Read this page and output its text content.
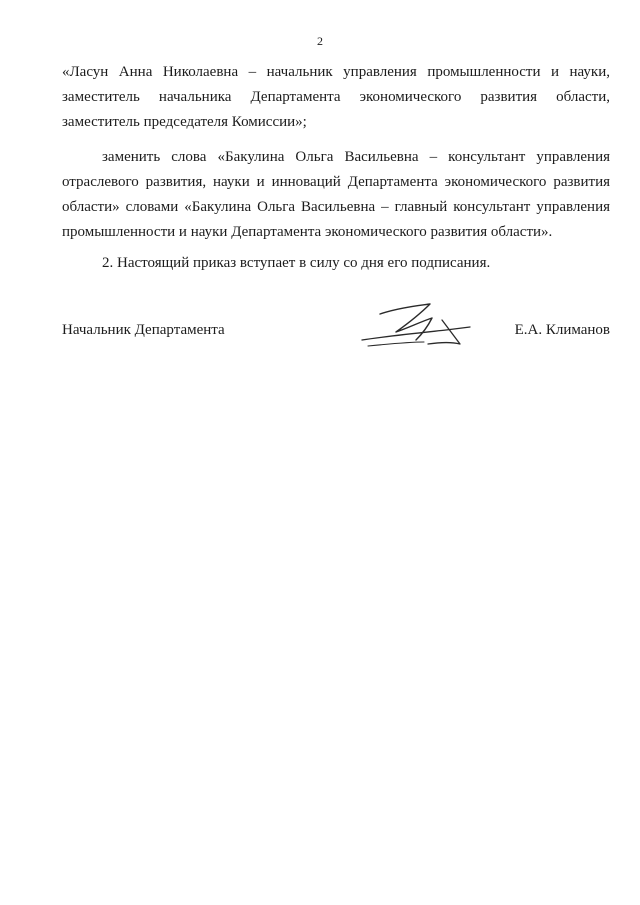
2

«Ласун Анна Николаевна – начальник управления промышленности и науки, заместитель начальника Департамента экономического развития области, заместитель председателя Комиссии»;

заменить слова «Бакулина Ольга Васильевна – консультант управления отраслевого развития, науки и инноваций Департамента экономического развития области» словами «Бакулина Ольга Васильевна – главный консультант управления промышленности и науки Департамента экономического развития области».

2. Настоящий приказ вступает в силу со дня его подписания.

Начальник Департамента	Е.А. Климанов
